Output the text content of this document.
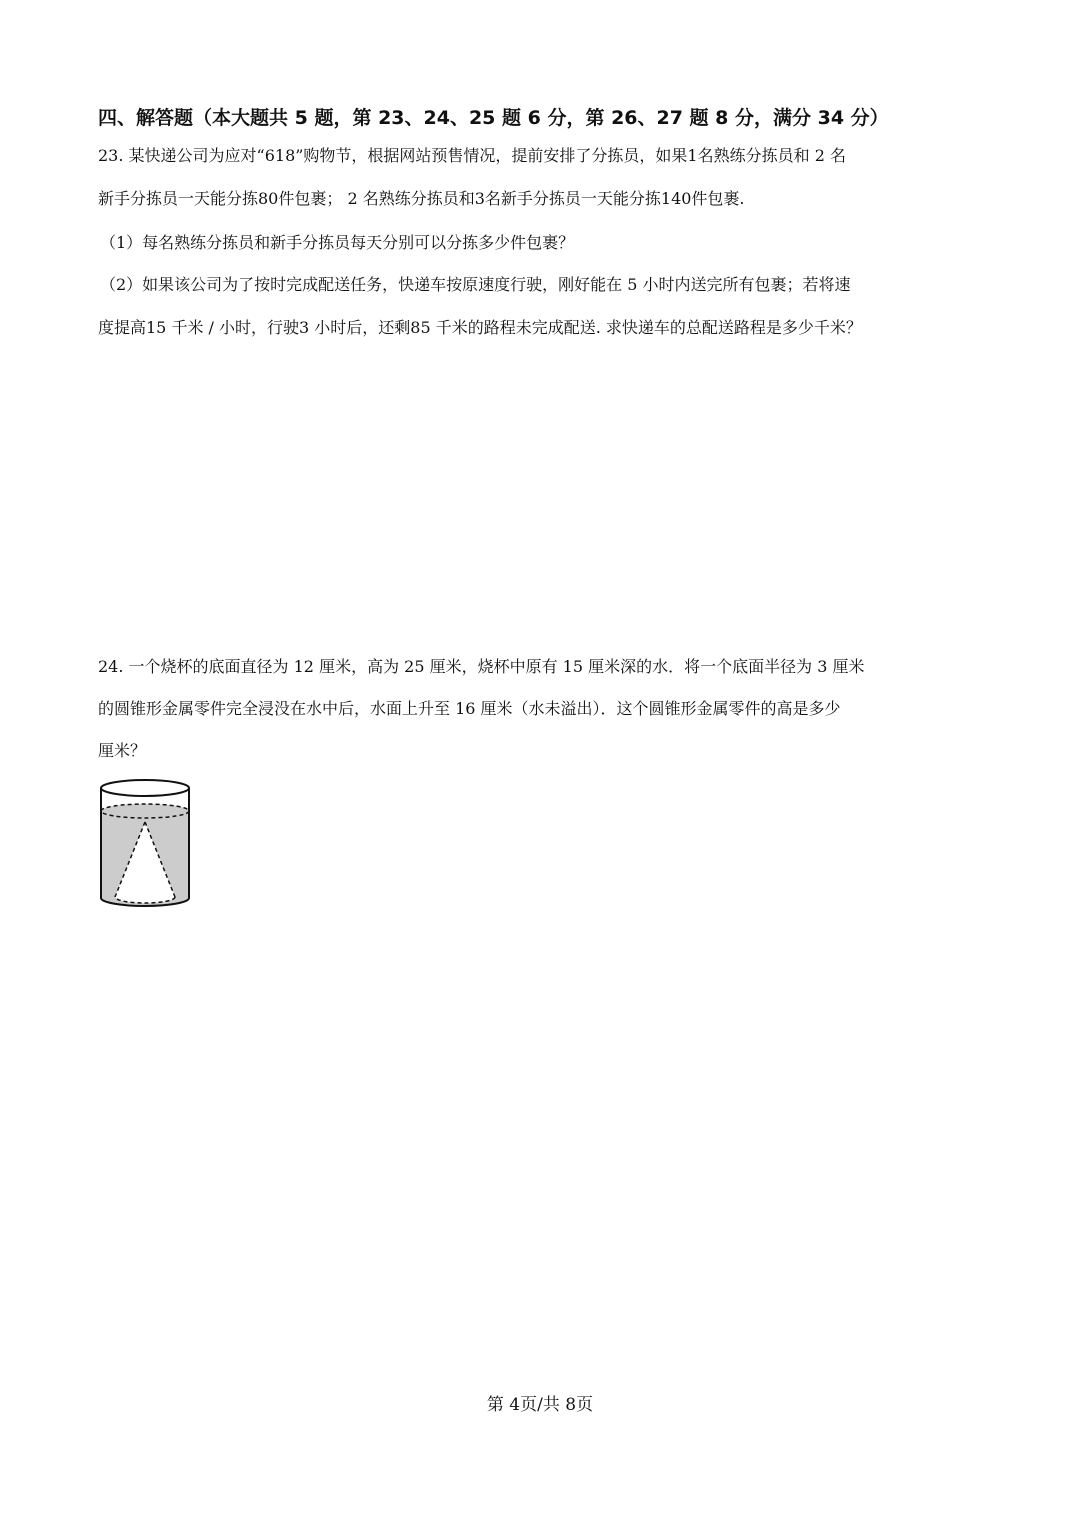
四、解答题（本大题共 5 题，第 23、24、25 题 6 分，第 26、27 题 8 分，满分 34 分）
23. 某快递公司为应对“618”购物节，根据网站预售情况，提前安排了分拣员，如果1名熟练分拣员和 2 名
新手分拣员一天能分拣80件包裹； 2 名熟练分拣员和3名新手分拣员一天能分拣140件包裹.
（1）每名熟练分拣员和新手分拣员每天分别可以分拣多少件包裹？
（2）如果该公司为了按时完成配送任务，快递车按原速度行驶，刚好能在 5 小时内送完所有包裹；若将速
度提高15 千米 / 小时，行驶3 小时后，还剩85 千米的路程未完成配送. 求快递车的总配送路程是多少千米？
24. 一个烧杯的底面直径为 12 厘米，高为 25 厘米，烧杯中原有 15 厘米深的水．将一个底面半径为 3 厘米
的圆锥形金属零件完全浸没在水中后，水面上升至 16 厘米（水未溢出）．这个圆锥形金属零件的高是多少
厘米？
第 4页/共 8页
